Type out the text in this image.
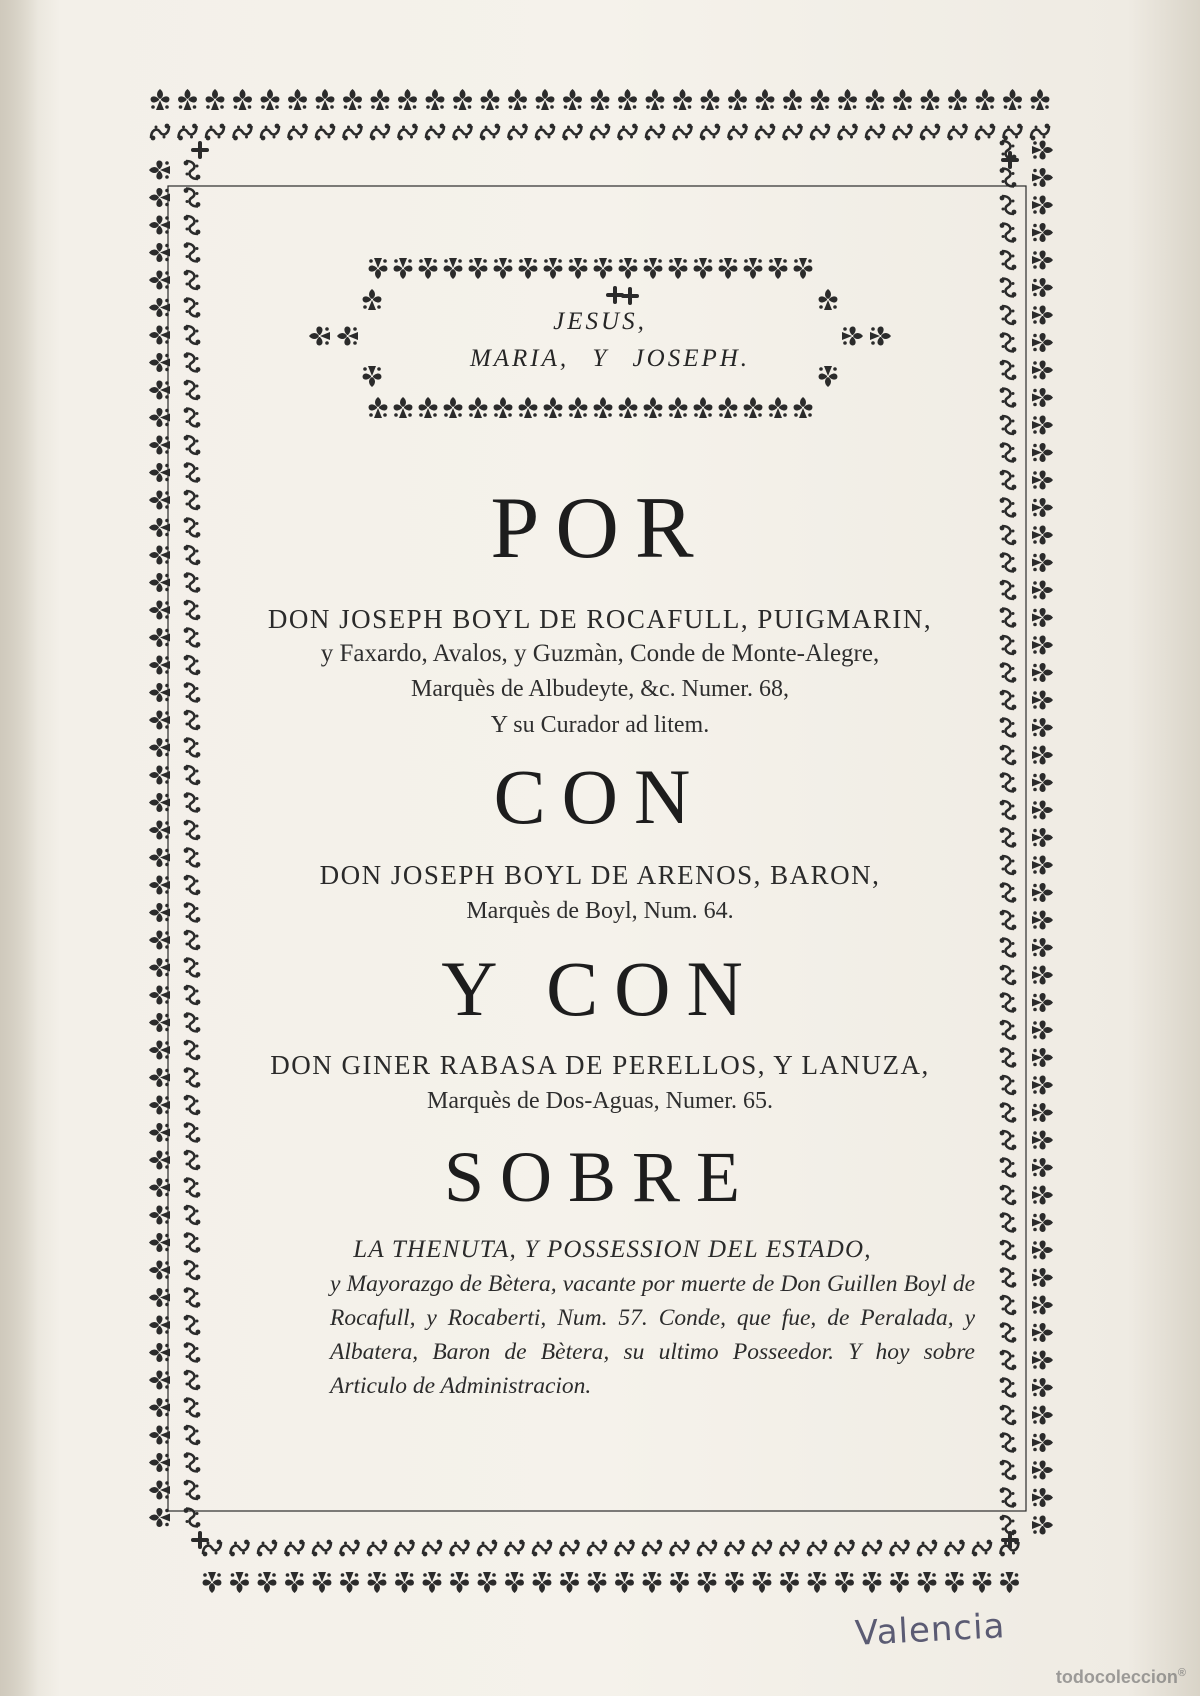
JESUS,
MARIA, Y JOSEPH.
POR
DON JOSEPH BOYL DE ROCAFULL, PUIGMARIN,
y Faxardo, Avalos, y Guzmàn, Conde de Monte-Alegre,
Marquès de Albudeyte, &c. Numer. 68,
Y su Curador ad litem.
CON
DON JOSEPH BOYL DE ARENOS, BARON,
Marquès de Boyl, Num. 64.
Y CON
DON GINER RABASA DE PERELLOS, Y LANUZA,
Marquès de Dos-Aguas, Numer. 65.
SOBRE
LA THENUTA, Y POSSESSION DEL ESTADO,
y Mayorazgo de Bètera, vacante por muerte de Don Guillen Boyl de Rocafull, y Rocaberti, Num. 57. Conde, que fue, de Peralada, y Albatera, Baron de Bètera, su ultimo Posseedor. Y hoy sobre Articulo de Administracion.
Valencia
todocoleccion®
